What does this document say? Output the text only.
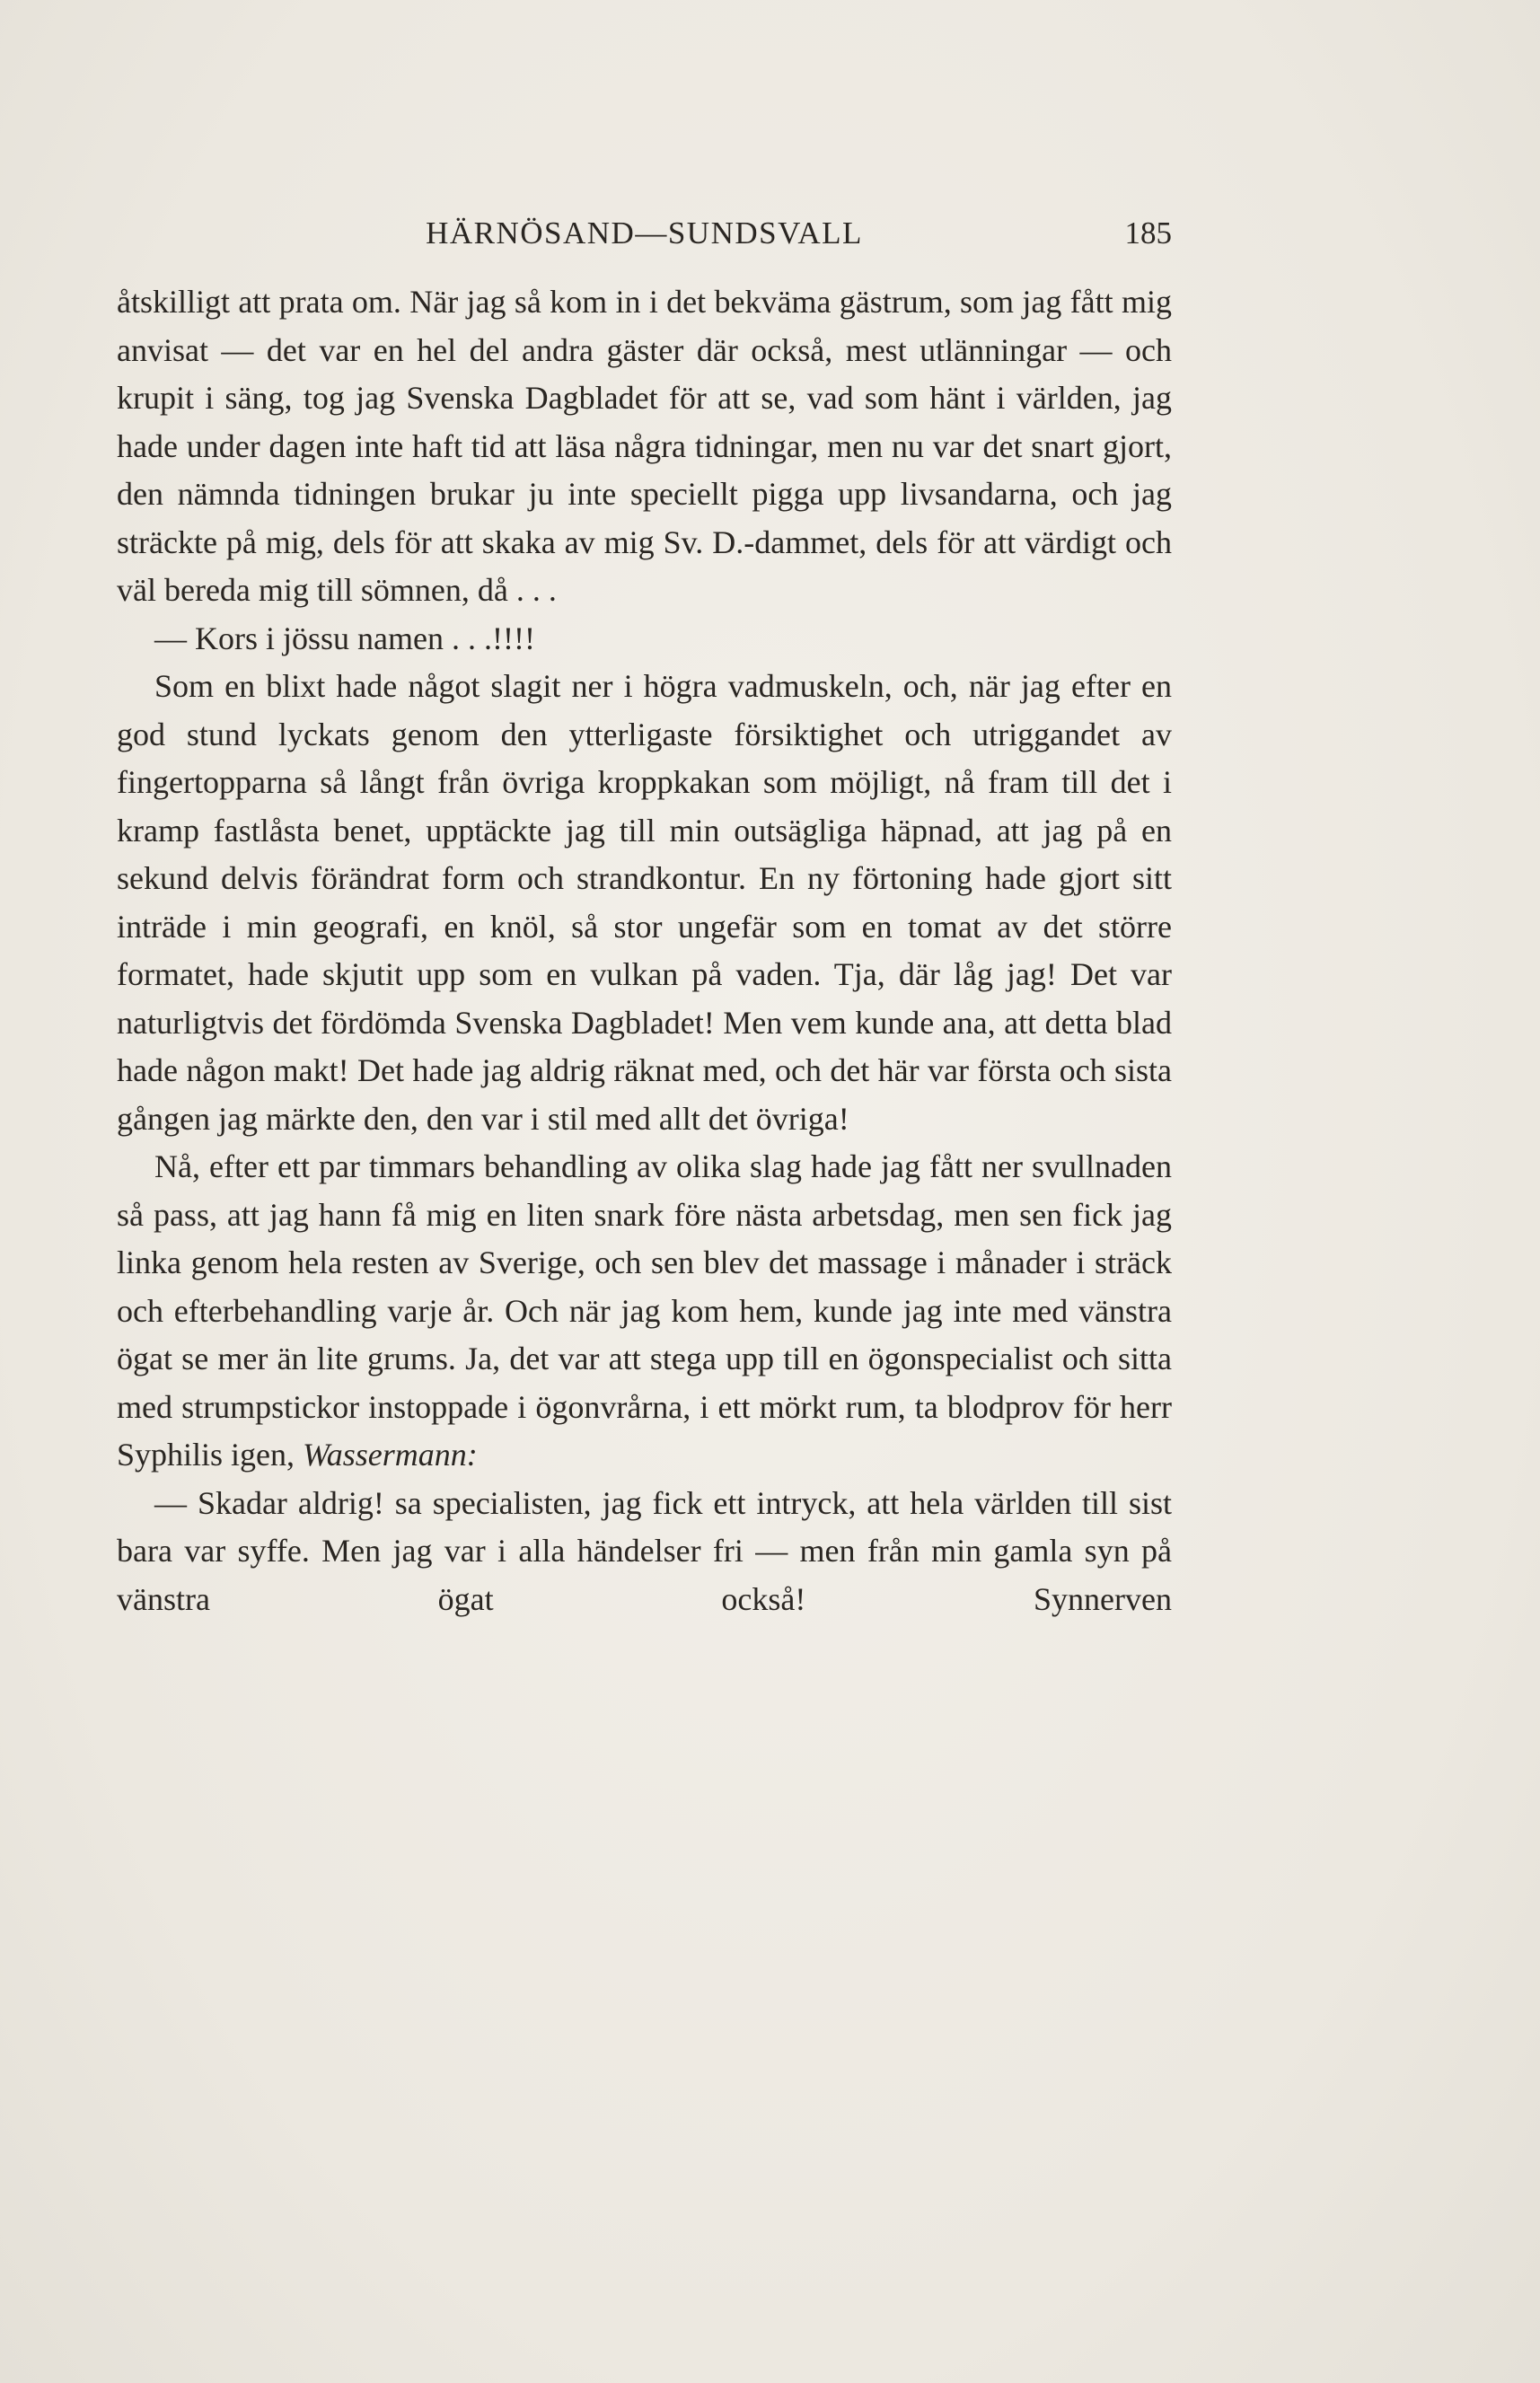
HÄRNÖSAND—SUNDSVALL	185

åtskilligt att prata om. När jag så kom in i det bekväma gästrum, som jag fått mig anvisat — det var en hel del andra gäster där också, mest utlänningar — och krupit i säng, tog jag Svenska Dagbladet för att se, vad som hänt i världen, jag hade under dagen inte haft tid att läsa några tidningar, men nu var det snart gjort, den nämnda tidningen brukar ju inte speciellt pigga upp livsandarna, och jag sträckte på mig, dels för att skaka av mig Sv. D.-dammet, dels för att värdigt och väl bereda mig till sömnen, då . . .

— Kors i jössu namen . . .!!!!

Som en blixt hade något slagit ner i högra vadmuskeln, och, när jag efter en god stund lyckats genom den ytterligaste försiktighet och utriggandet av fingertopparna så långt från övriga kroppkakan som möjligt, nå fram till det i kramp fastlåsta benet, upptäckte jag till min outsägliga häpnad, att jag på en sekund delvis förändrat form och strandkontur. En ny förtoning hade gjort sitt inträde i min geografi, en knöl, så stor ungefär som en tomat av det större formatet, hade skjutit upp som en vulkan på vaden. Tja, där låg jag! Det var naturligtvis det fördömda Svenska Dagbladet! Men vem kunde ana, att detta blad hade någon makt! Det hade jag aldrig räknat med, och det här var första och sista gången jag märkte den, den var i stil med allt det övriga!

Nå, efter ett par timmars behandling av olika slag hade jag fått ner svullnaden så pass, att jag hann få mig en liten snark före nästa arbetsdag, men sen fick jag linka genom hela resten av Sverige, och sen blev det massage i månader i sträck och efterbehandling varje år. Och när jag kom hem, kunde jag inte med vänstra ögat se mer än lite grums. Ja, det var att stega upp till en ögonspecialist och sitta med strumpstickor instoppade i ögonvrårna, i ett mörkt rum, ta blodprov för herr Syphilis igen, Wassermann:

— Skadar aldrig! sa specialisten, jag fick ett intryck, att hela världen till sist bara var syffe. Men jag var i alla händelser fri — men från min gamla syn på vänstra ögat också! Synnerven
